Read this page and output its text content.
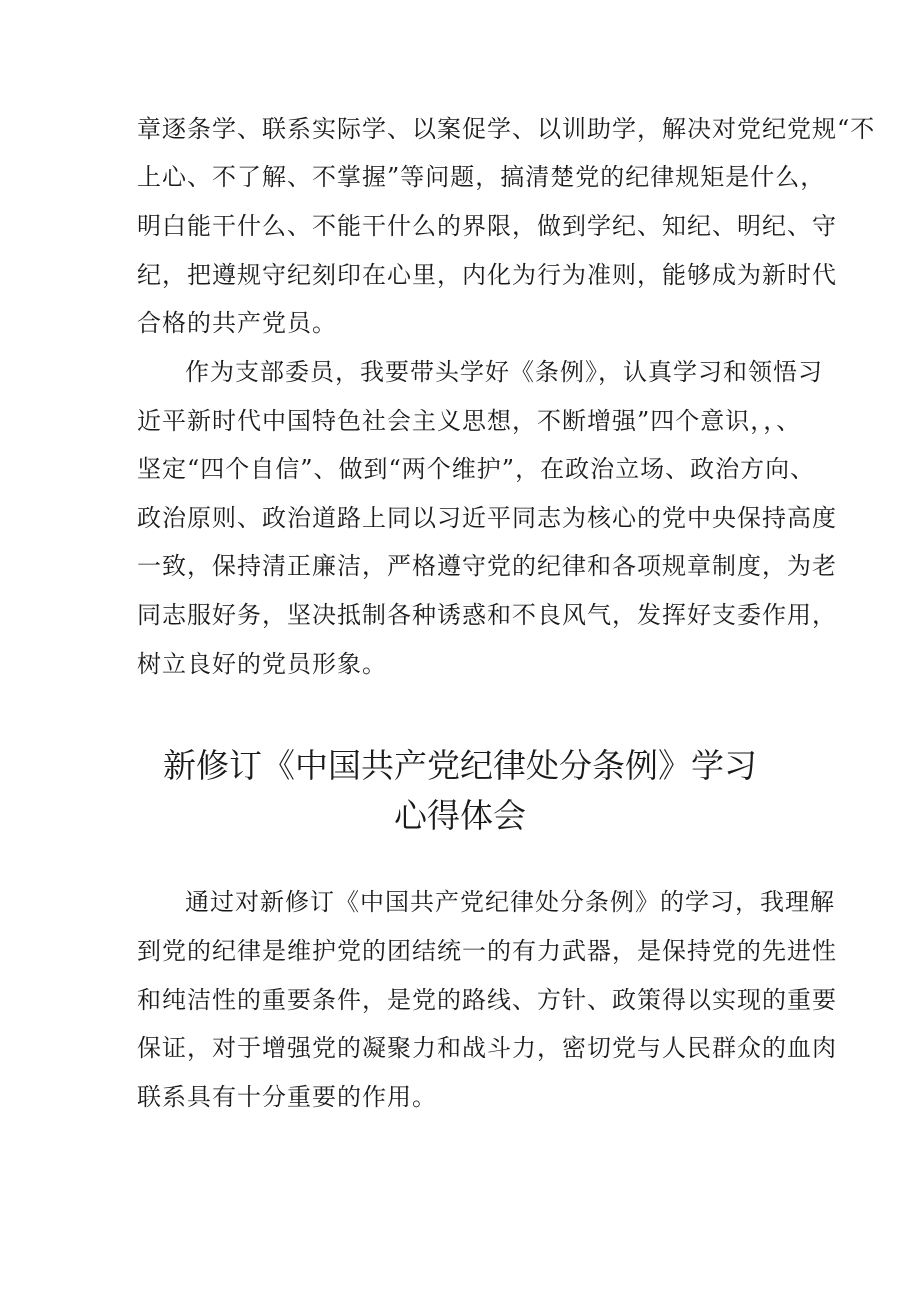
章逐条学、联系实际学、以案促学、以训助学，解决对党纪党规“不
上心、不了解、不掌握”等问题，搞清楚党的纪律规矩是什么，
明白能干什么、不能干什么的界限，做到学纪、知纪、明纪、守
纪，把遵规守纪刻印在心里，内化为行为准则，能够成为新时代
合格的共产党员。
作为支部委员，我要带头学好《条例》，认真学习和领悟习
近平新时代中国特色社会主义思想，不断增强”四个意识，，、
坚定“四个自信”、做到“两个维护”，在政治立场、政治方向、
政治原则、政治道路上同以习近平同志为核心的党中央保持高度
一致，保持清正廉洁，严格遵守党的纪律和各项规章制度，为老
同志服好务，坚决抵制各种诱惑和不良风气，发挥好支委作用，
树立良好的党员形象。
新修订《中国共产党纪律处分条例》学习
心得体会
通过对新修订《中国共产党纪律处分条例》的学习，我理解
到党的纪律是维护党的团结统一的有力武器，是保持党的先进性
和纯洁性的重要条件，是党的路线、方针、政策得以实现的重要
保证，对于增强党的凝聚力和战斗力，密切党与人民群众的血肉
联系具有十分重要的作用。
